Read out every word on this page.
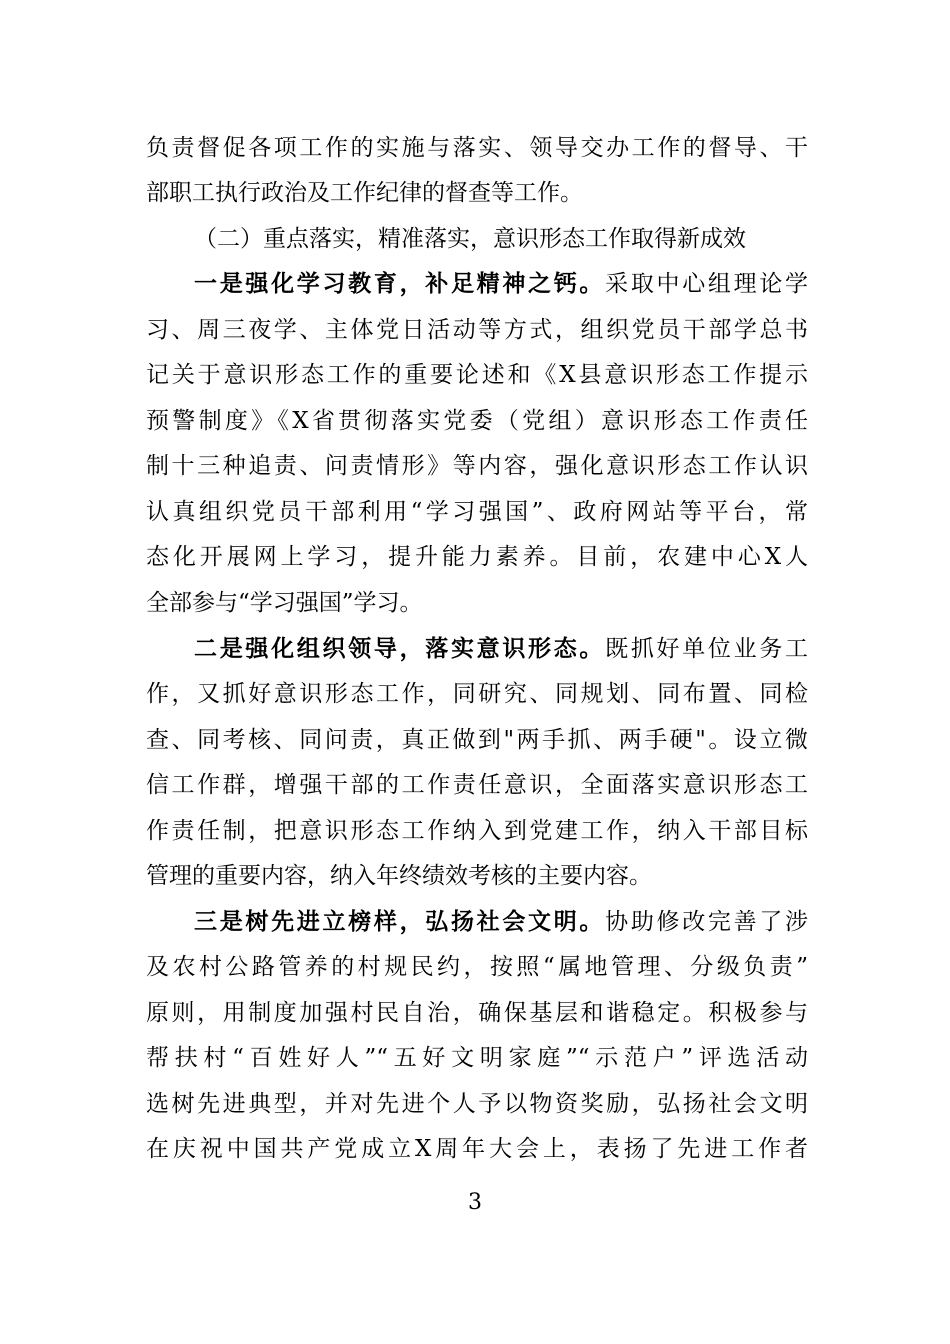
负责督促各项工作的实施与落实、领导交办工作的督导、干
部职工执行政治及工作纪律的督查等工作。
（二）重点落实，精准落实，意识形态工作取得新成效
一是强化学习教育，补足精神之钙。采取中心组理论学
习、周三夜学、主体党日活动等方式，组织党员干部学总书
记关于意识形态工作的重要论述和《X县意识形态工作提示
预警制度》《X省贯彻落实党委（党组）意识形态工作责任
制十三种追责、问责情形》等内容，强化意识形态工作认识
认真组织党员干部利用“学习强国”、政府网站等平台，常
态化开展网上学习，提升能力素养。目前，农建中心X人
全部参与“学习强国”学习。
二是强化组织领导，落实意识形态。既抓好单位业务工
作，又抓好意识形态工作，同研究、同规划、同布置、同检
查、同考核、同问责，真正做到"两手抓、两手硬"。设立微
信工作群，增强干部的工作责任意识，全面落实意识形态工
作责任制，把意识形态工作纳入到党建工作，纳入干部目标
管理的重要内容，纳入年终绩效考核的主要内容。
三是树先进立榜样，弘扬社会文明。协助修改完善了涉
及农村公路管养的村规民约，按照“属地管理、分级负责”
原则，用制度加强村民自治，确保基层和谐稳定。积极参与
帮扶村“百姓好人”“五好文明家庭”“示范户”评选活动
选树先进典型，并对先进个人予以物资奖励，弘扬社会文明
在庆祝中国共产党成立X周年大会上，表扬了先进工作者
3
